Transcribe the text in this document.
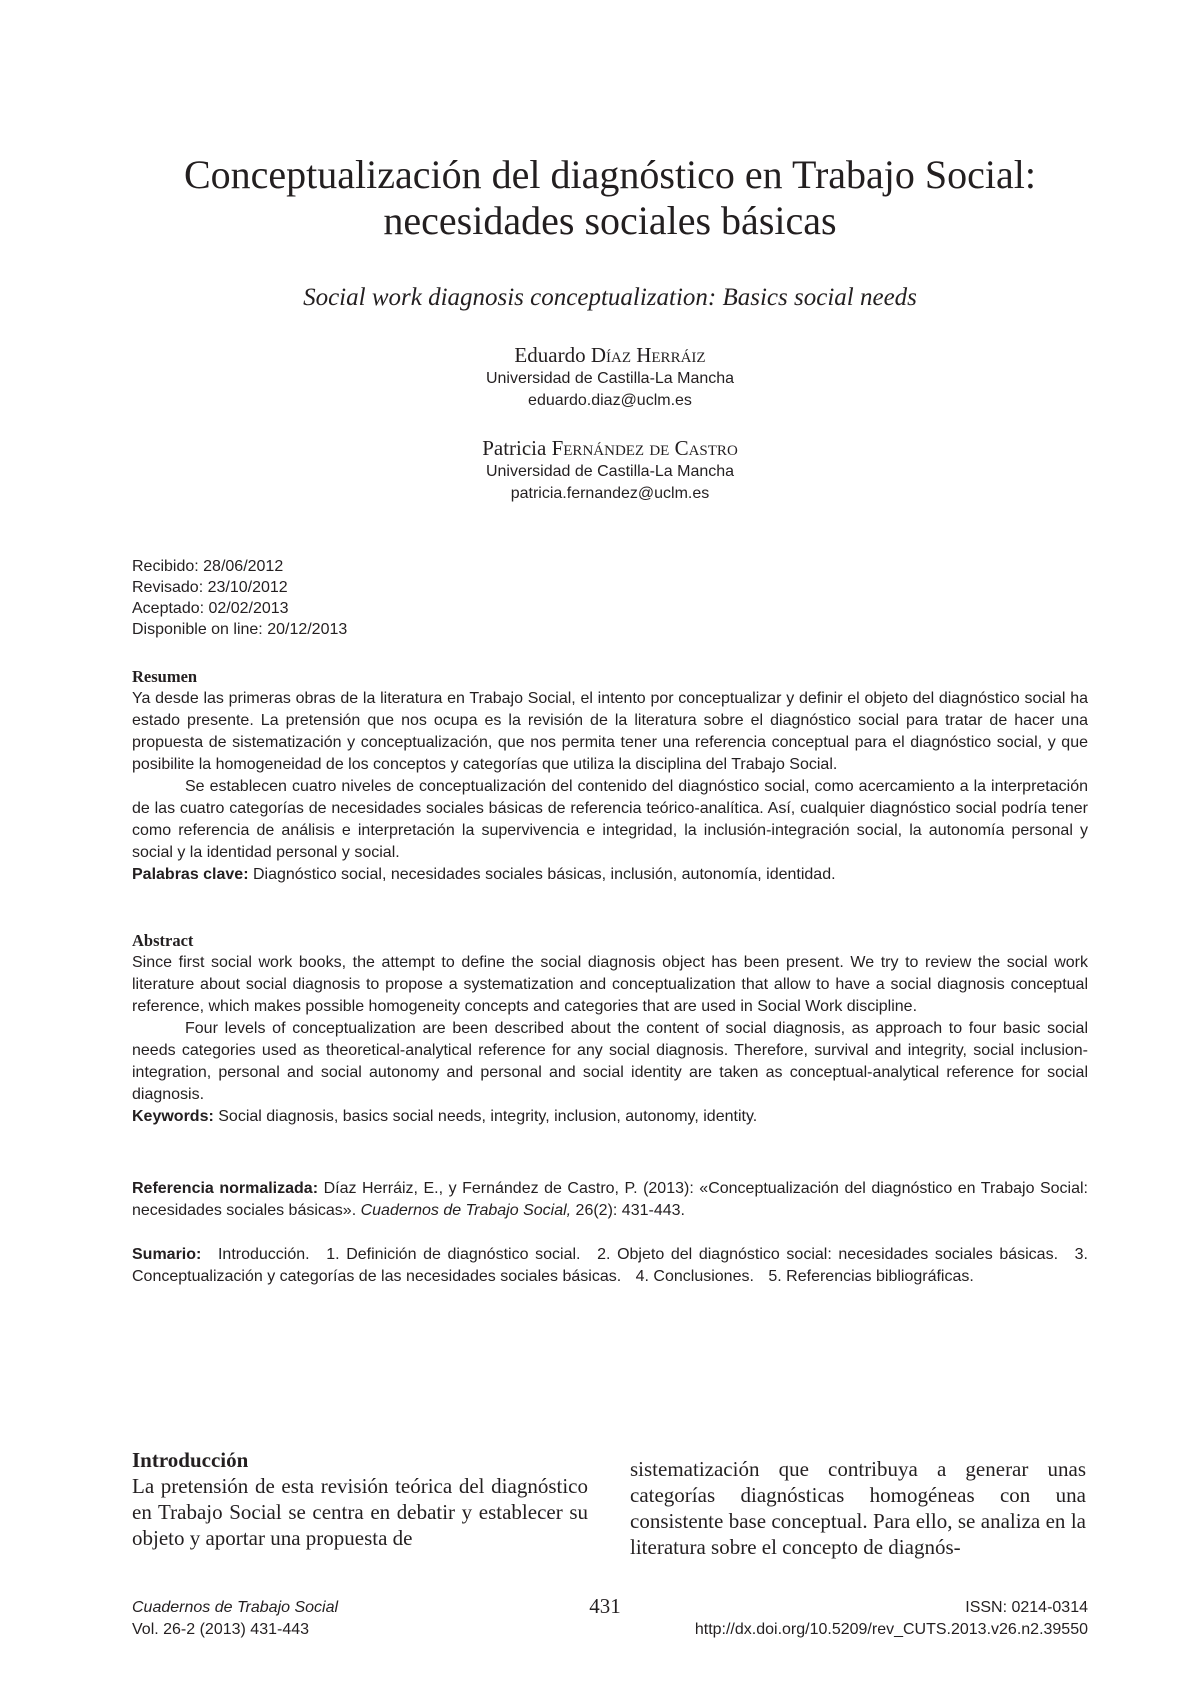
Conceptualización del diagnóstico en Trabajo Social:
necesidades sociales básicas
Social work diagnosis conceptualization: Basics social needs
Eduardo Díaz Herráiz
Universidad de Castilla-La Mancha
eduardo.diaz@uclm.es
Patricia Fernández de Castro
Universidad de Castilla-La Mancha
patricia.fernandez@uclm.es
Recibido: 28/06/2012
Revisado: 23/10/2012
Aceptado: 02/02/2013
Disponible on line: 20/12/2013
Resumen

Ya desde las primeras obras de la literatura en Trabajo Social, el intento por conceptualizar y definir el objeto del diagnóstico social ha estado presente. La pretensión que nos ocupa es la revisión de la literatura sobre el diagnóstico social para tratar de hacer una propuesta de sistematización y conceptualización, que nos permita tener una referencia conceptual para el diagnóstico social, y que posibilite la homogeneidad de los conceptos y categorías que utiliza la disciplina del Trabajo Social.

Se establecen cuatro niveles de conceptualización del contenido del diagnóstico social, como acercamiento a la interpretación de las cuatro categorías de necesidades sociales básicas de referencia teórico-analítica. Así, cualquier diagnóstico social podría tener como referencia de análisis e interpretación la supervivencia e integridad, la inclusión-integración social, la autonomía personal y social y la identidad personal y social.

Palabras clave: Diagnóstico social, necesidades sociales básicas, inclusión, autonomía, identidad.

Abstract

Since first social work books, the attempt to define the social diagnosis object has been present. We try to review the social work literature about social diagnosis to propose a systematization and conceptualization that allow to have a social diagnosis conceptual reference, which makes possible homogeneity concepts and categories that are used in Social Work discipline.

Four levels of conceptualization are been described about the content of social diagnosis, as approach to four basic social needs categories used as theoretical-analytical reference for any social diagnosis. Therefore, survival and integrity, social inclusion-integration, personal and social autonomy and personal and social identity are taken as conceptual-analytical reference for social diagnosis.

Keywords: Social diagnosis, basics social needs, integrity, inclusion, autonomy, identity.

Referencia normalizada: Díaz Herráiz, E., y Fernández de Castro, P. (2013): «Conceptualización del diagnóstico en Trabajo Social: necesidades sociales básicas». Cuadernos de Trabajo Social, 26(2): 431-443.

Sumario: Introducción. 1. Definición de diagnóstico social. 2. Objeto del diagnóstico social: necesidades sociales básicas. 3. Conceptualización y categorías de las necesidades sociales básicas. 4. Conclusiones. 5. Referencias bibliográficas.

Introducción

La pretensión de esta revisión teórica del diagnóstico en Trabajo Social se centra en debatir y establecer su objeto y aportar una propuesta de

sistematización que contribuya a generar unas categorías diagnósticas homogéneas con una consistente base conceptual. Para ello, se analiza en la literatura sobre el concepto de diagnós-

Cuadernos de Trabajo Social
Vol. 26-2 (2013) 431-443
431	ISSN: 0214-0314
http://dx.doi.org/10.5209/rev_CUTS.2013.v26.n2.39550
